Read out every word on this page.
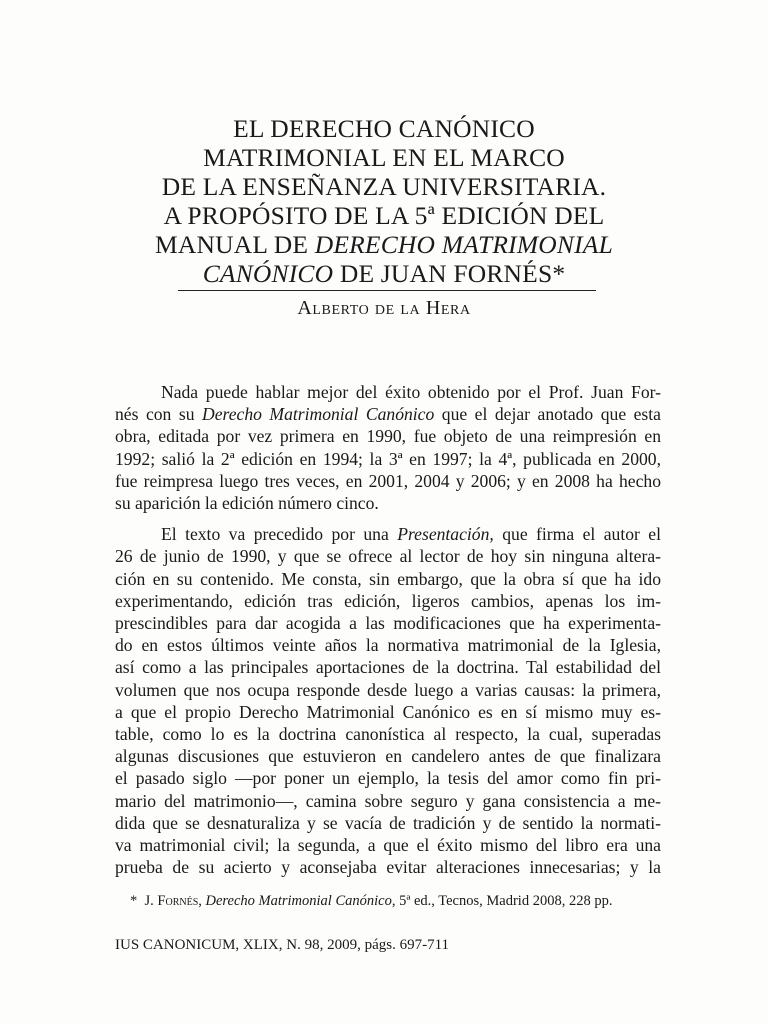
EL DERECHO CANÓNICO
MATRIMONIAL EN EL MARCO
DE LA ENSEÑANZA UNIVERSITARIA.
A PROPÓSITO DE LA 5ª EDICIÓN DEL
MANUAL DE DERECHO MATRIMONIAL
CANÓNICO DE JUAN FORNÉS*
Alberto de la Hera
Nada puede hablar mejor del éxito obtenido por el Prof. Juan For-
nés con su Derecho Matrimonial Canónico que el dejar anotado que esta
obra, editada por vez primera en 1990, fue objeto de una reimpresión en
1992; salió la 2ª edición en 1994; la 3ª en 1997; la 4ª, publicada en 2000,
fue reimpresa luego tres veces, en 2001, 2004 y 2006; y en 2008 ha hecho
su aparición la edición número cinco.
El texto va precedido por una Presentación, que firma el autor el
26 de junio de 1990, y que se ofrece al lector de hoy sin ninguna altera-
ción en su contenido. Me consta, sin embargo, que la obra sí que ha ido
experimentando, edición tras edición, ligeros cambios, apenas los im-
prescindibles para dar acogida a las modificaciones que ha experimenta-
do en estos últimos veinte años la normativa matrimonial de la Iglesia,
así como a las principales aportaciones de la doctrina. Tal estabilidad del
volumen que nos ocupa responde desde luego a varias causas: la primera,
a que el propio Derecho Matrimonial Canónico es en sí mismo muy es-
table, como lo es la doctrina canonística al respecto, la cual, superadas
algunas discusiones que estuvieron en candelero antes de que finalizara
el pasado siglo —por poner un ejemplo, la tesis del amor como fin pri-
mario del matrimonio—, camina sobre seguro y gana consistencia a me-
dida que se desnaturaliza y se vacía de tradición y de sentido la normati-
va matrimonial civil; la segunda, a que el éxito mismo del libro era una
prueba de su acierto y aconsejaba evitar alteraciones innecesarias; y la
* J. Fornés, Derecho Matrimonial Canónico, 5ª ed., Tecnos, Madrid 2008, 228 pp.
IUS CANONICUM, XLIX, N. 98, 2009, págs. 697-711
